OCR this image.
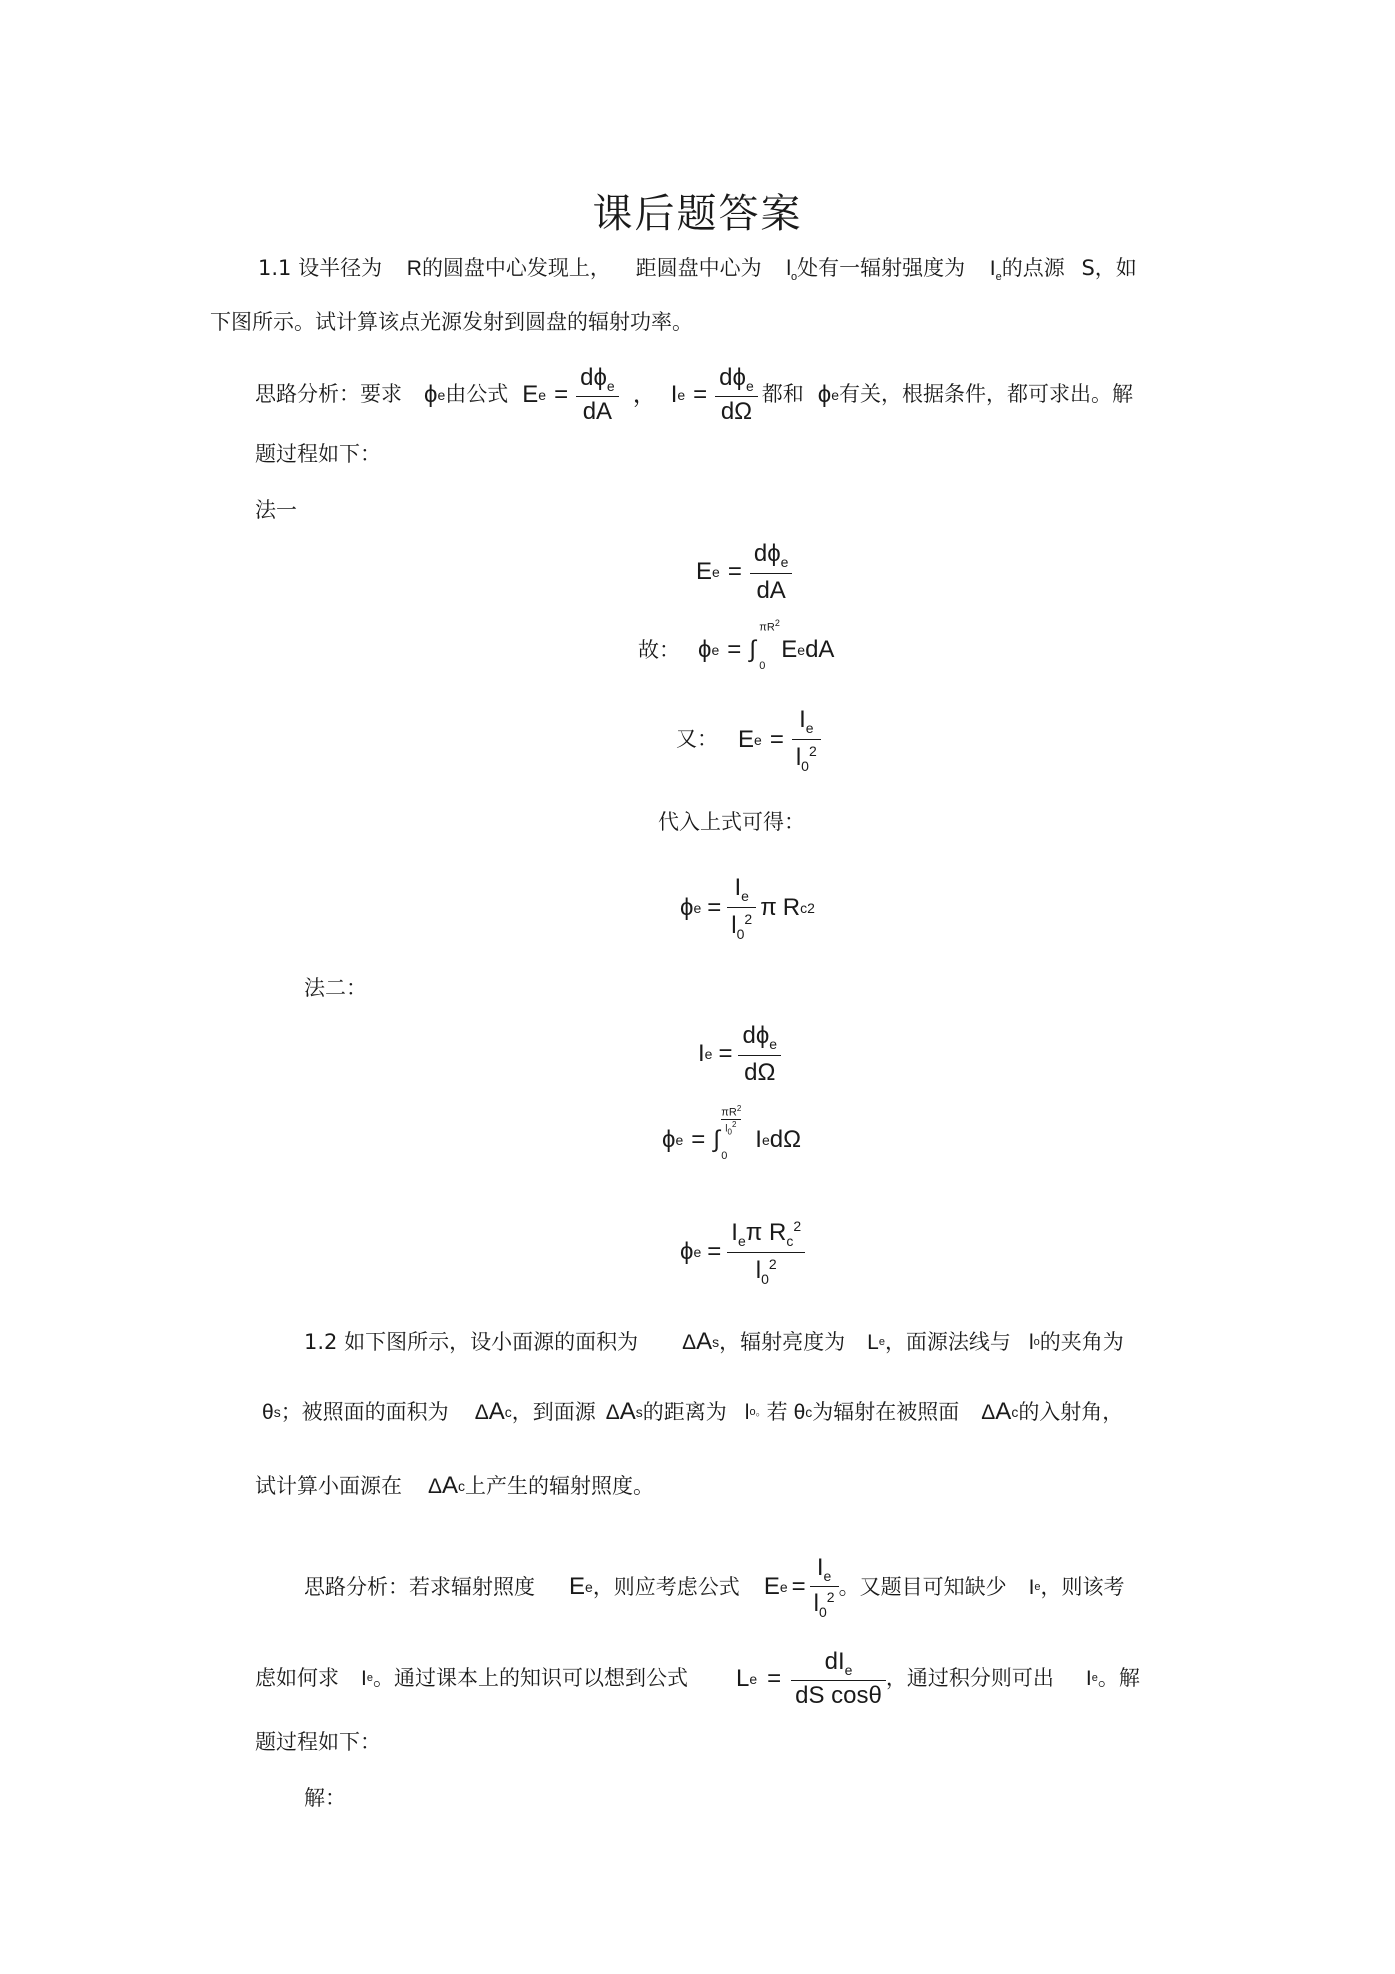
课后题答案
1.1 设半径为 R的圆盘中心发现上， 距圆盘中心为 $l_o$处有一辐射强度为 $I_e$的点源 S，如
下图所示。试计算该点光源发射到圆盘的辐射功率。
思路分析：要求 ϕ e 由公式 E $e = \frac{d\phi_e}{dA}$ ， I $e = \frac{d\phi_e}{d\Omega}$ 都和 ϕ e 有关，根据条件，都可求出。解
题过程如下：
法一
E $e = \frac{d\phi_e}{dA}$
故： ϕ e = ∫
$\pi R^2$
0
E e dA
又： E $e = \frac{I_e}{l_0^2}$
代入上式可得：
ϕ $e = \frac{I_e}{l_0^2}$ π R c 2
法二：
I $e = \frac{d\phi_e}{d\Omega}$
ϕ e = ∫
$\pi R^2$
$l_0^2$
0
I e dΩ
ϕ $e = \frac{I_e\pi R_c^2}{l_0^2}$
1.2 如下图所示，设小面源的面积为 Δ A s ，辐射亮度为 L e ，面源法线与 l o 的夹角为
θ s ；被照面的面积为 Δ A c ，到面源 Δ A s 的距离为 l o 。 若 θ c 为辐射在被照面 Δ A c 的入射角，
试计算小面源在 Δ A c 上产生的辐射照度。
思路分析：若求辐射照度 E e ，则应考虑公式 E $e = \frac{I_e}{l_0^2}$ 。又题目可知缺少 I e ，则该考
虑如何求 I e 。通过课本上的知识可以想到公式 L $e = \frac{dI_e}{\text{dS cosθ}}$ ，通过积分则可出 I e 。解
题过程如下：
解：
